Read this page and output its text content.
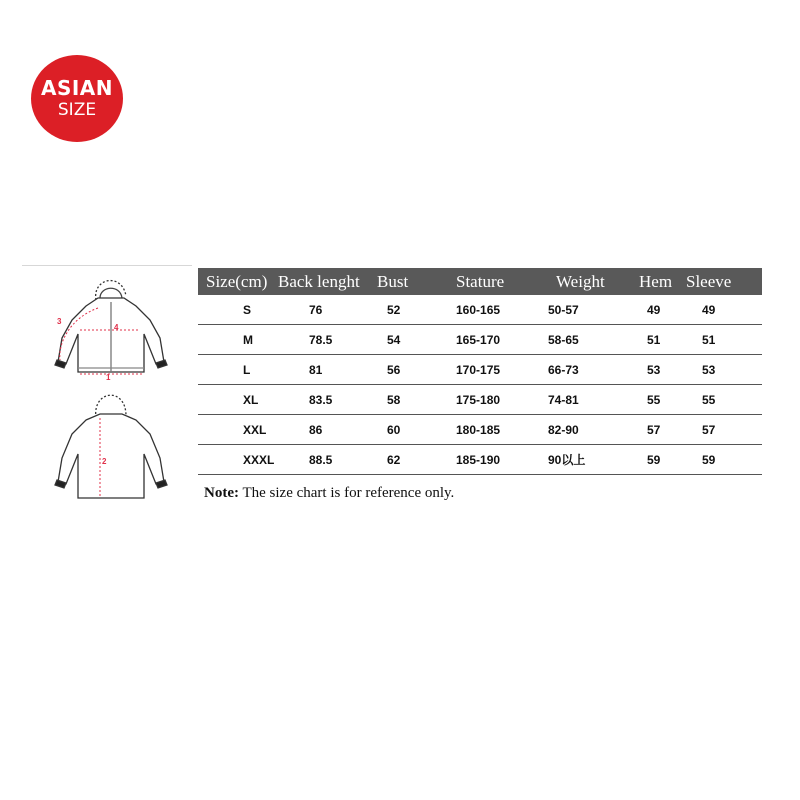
ASIAN
SIZE
3
4
1
2
Size(cm)	Back lenght	Bust	Stature	Weight	Hem	Sleeve
S	76	52	160-165	50-57	49	49
M	78.5	54	165-170	58-65	51	51
L	81	56	170-175	66-73	53	53
XL	83.5	58	175-180	74-81	55	55
XXL	86	60	180-185	82-90	57	57
XXXL	88.5	62	185-190	90以上	59	59
Note: The size chart is for reference only.
